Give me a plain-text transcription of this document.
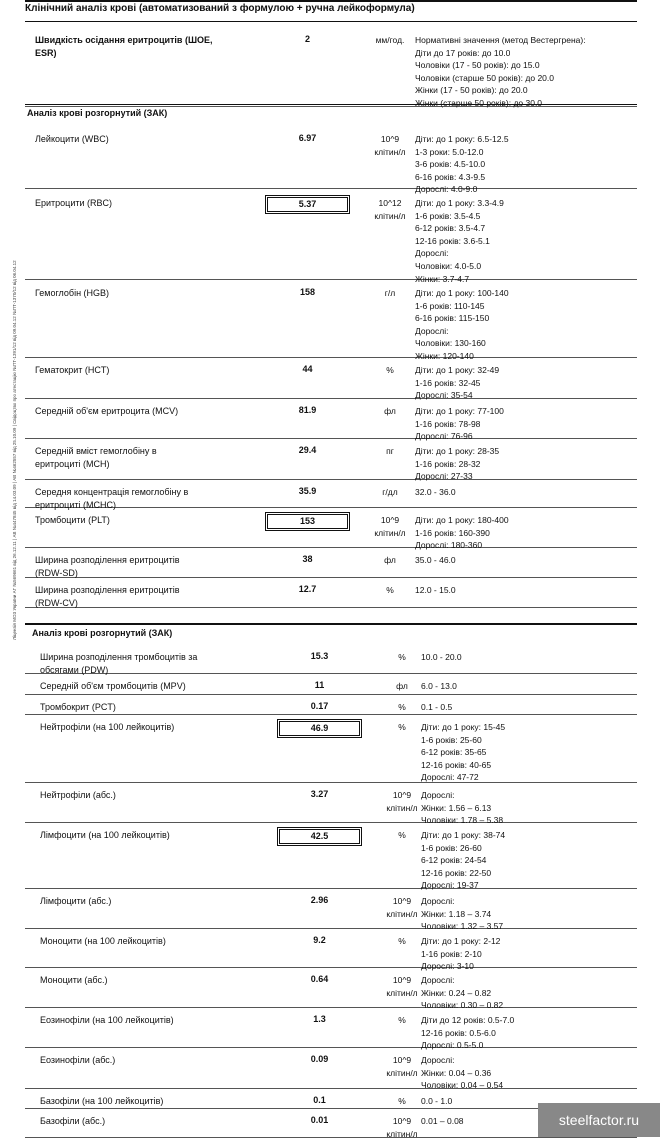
Ліцензія МОЗ України АГ №569661 від 26.12.11 | АВ №447845 від 14.03.09 | АВ №462557 від 25.10.09 | Свідоцтво про атестацію №ПТ-1391/12 від 09.04.12 №ПТ-1370/12 від 06.04.12
Клінічний аналіз крові (автоматизований з формулою + ручна лейкоформула)
Аналіз крові розгорнутий (ЗАК)
Аналіз крові розгорнутий (ЗАК)
Швидкість осідання еритроцитів (ШОЕ,
ESR)
2	мм/год.	Нормативні значення (метод Вестергрена):
Діти до 17 років: до 10.0
Чоловіки (17 - 50 років): до 15.0
Чоловіки (старше 50 років): до 20.0
Жінки (17 - 50 років): до 20.0
Жінки (старше 50 років): до 30.0
Лейкоцити (WBC)	6.97	10^9
клітин/л
Діти: до 1 року: 6.5-12.5
1-3 роки: 5.0-12.0
3-6 років: 4.5-10.0
6-16 років: 4.3-9.5
Дорослі: 4.0-9.0
Еритроцити (RBC)	5.37	10^12
клітин/л
Діти: до 1 року: 3.3-4.9
1-6 років: 3.5-4.5
6-12 років: 3.5-4.7
12-16 років: 3.6-5.1
Дорослі:
Чоловіки: 4.0-5.0
Жінки: 3.7-4.7
Гемоглобін (HGB)	158	г/л	Діти: до 1 року: 100-140
1-6 років: 110-145
6-16 років: 115-150
Дорослі:
Чоловіки: 130-160
Жінки: 120-140
Гематокрит (HCT)	44	%	Діти: до 1 року: 32-49
1-16 років: 32-45
Дорослі: 35-54
Середній об'єм еритроцита (MCV)	81.9	фл	Діти: до 1 року: 77-100
1-16 років: 78-98
Дорослі: 76-96
Середній вміст гемоглобіну в
еритроциті (MCH)
29.4	пг	Діти: до 1 року: 28-35
1-16 років: 28-32
Дорослі: 27-33
Середня концентрація гемоглобіну в
еритроциті (MCHC)
35.9	г/дл	32.0 - 36.0
Тромбоцити (PLT)	153	10^9
клітин/л
Діти: до 1 року: 180-400
1-16 років: 160-390
Дорослі: 180-360
Ширина розподілення еритроцитів
(RDW-SD)
38	фл	35.0 - 46.0
Ширина розподілення еритроцитів
(RDW-CV)
12.7	%	12.0 - 15.0
Ширина розподілення тромбоцитів за
обсягами (PDW)
15.3	%	10.0 - 20.0
Середній об'єм тромбоцитів (MPV)	11	фл	6.0 - 13.0
Тромбокрит (PCT)	0.17	%	0.1 - 0.5
Нейтрофіли (на 100 лейкоцитів)	46.9	%	Діти: до 1 року: 15-45
1-6 років: 25-60
6-12 років: 35-65
12-16 років: 40-65
Дорослі: 47-72
Нейтрофіли (абс.)	3.27	10^9
клітин/л
Дорослі:
Жінки: 1.56 – 6.13
Чоловіки: 1.78 – 5.38
Лімфоцити (на 100 лейкоцитів)	42.5	%	Діти: до 1 року: 38-74
1-6 років: 26-60
6-12 років: 24-54
12-16 років: 22-50
Дорослі: 19-37
Лімфоцити (абс.)	2.96	10^9
клітин/л
Дорослі:
Жінки: 1.18 – 3.74
Чоловіки: 1.32 – 3.57
Моноцити (на 100 лейкоцитів)	9.2	%	Діти: до 1 року: 2-12
1-16 років: 2-10
Дорослі: 3-10
Моноцити (абс.)	0.64	10^9
клітин/л
Дорослі:
Жінки: 0.24 – 0.82
Чоловіки: 0.30 – 0.82
Еозинофіли (на 100 лейкоцитів)	1.3	%	Діти до 12 років: 0.5-7.0
12-16 років: 0.5-6.0
Дорослі: 0.5-5.0
Еозинофіли (абс.)	0.09	10^9
клітин/л
Дорослі:
Жінки: 0.04 – 0.36
Чоловіки: 0.04 – 0.54
Базофіли (на 100 лейкоцитів)	0.1	%	0.0 - 1.0
Базофіли (абс.)	0.01	10^9
клітин/л
0.01 – 0.08	steelfactor.ru
